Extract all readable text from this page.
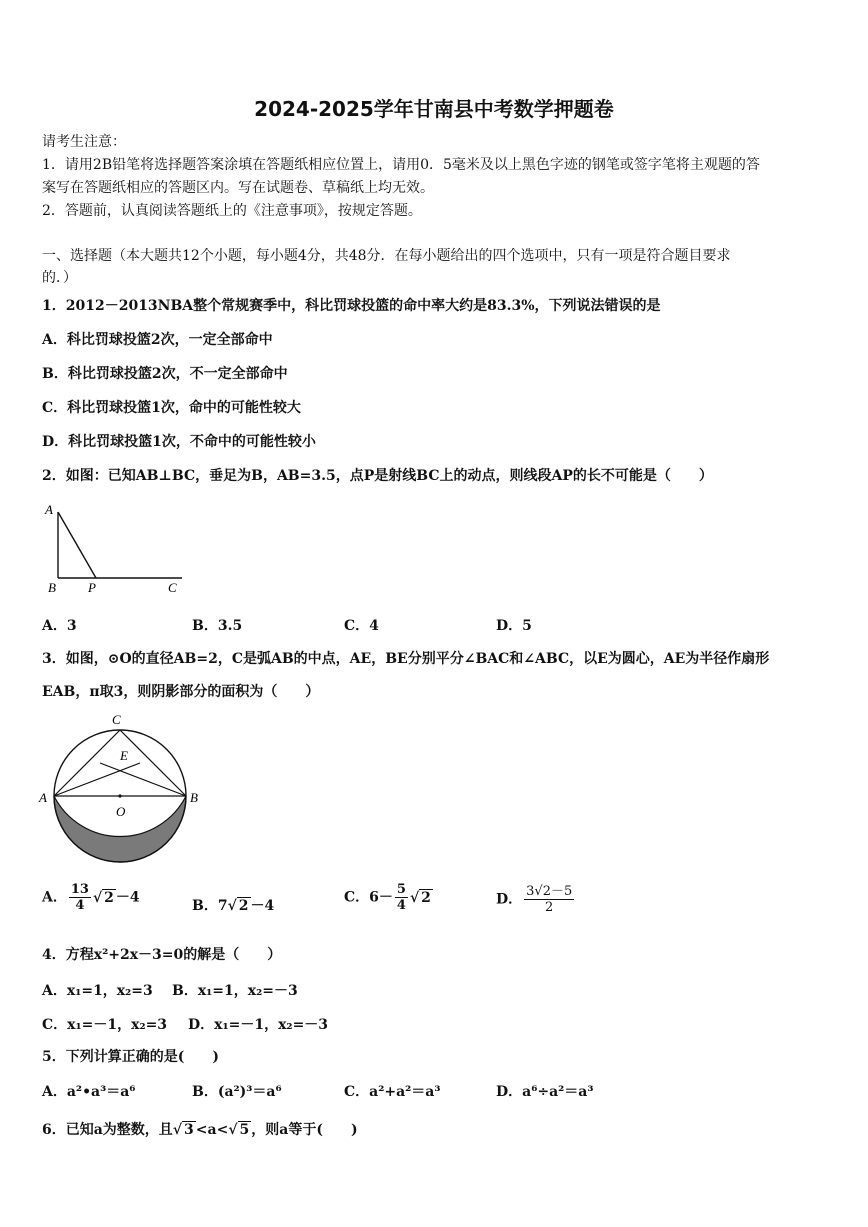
2024-2025学年甘南县中考数学押题卷
请考生注意：
1．请用2B铅笔将选择题答案涂填在答题纸相应位置上，请用0．5毫米及以上黑色字迹的钢笔或签字笔将主观题的答
案写在答题纸相应的答题区内。写在试题卷、草稿纸上均无效。
2．答题前，认真阅读答题纸上的《注意事项》，按规定答题。
一、选择题（本大题共12个小题，每小题4分，共48分．在每小题给出的四个选项中，只有一项是符合题目要求
的．）
1．2012－2013NBA整个常规赛季中，科比罚球投篮的命中率大约是83.3%，下列说法错误的是
A．科比罚球投篮2次，一定全部命中
B．科比罚球投篮2次，不一定全部命中
C．科比罚球投篮1次，命中的可能性较大
D．科比罚球投篮1次，不命中的可能性较小
2．如图：已知AB⊥BC，垂足为B，AB=3.5，点P是射线BC上的动点，则线段AP的长不可能是（　　）
A
B P	C
A．3	B．3.5	C．4	D．5
3．如图，⊙O的直径AB=2，C是弧AB的中点，AE，BE分别平分∠BAC和∠ABC，以E为圆心，AE为半径作扇形
EAB，π取3，则阴影部分的面积为（　　）
C
E
A
O
B
A． $\frac{13}{4}$ √ 2 －4
B．7√ 2 －4
C．$6- \frac{5}{4}$ √ 2	D． $\frac{3√2-5}{2}$
4．方程x²+2x－3=0的解是（　　）
A．x₁=1，x₂=3 B．x₁=1，x₂=－3
C．x₁=－1，x₂=3 D．x₁=－1，x₂=－3
5．下列计算正确的是(　　)
A．a²•a³＝a⁶	B．(a²)³＝a⁶	C．a²+a²＝a³	D．a⁶÷a²＝a³
6．已知a为整数，且√ 3 <a<√ 5 ，则a等于(　　)
